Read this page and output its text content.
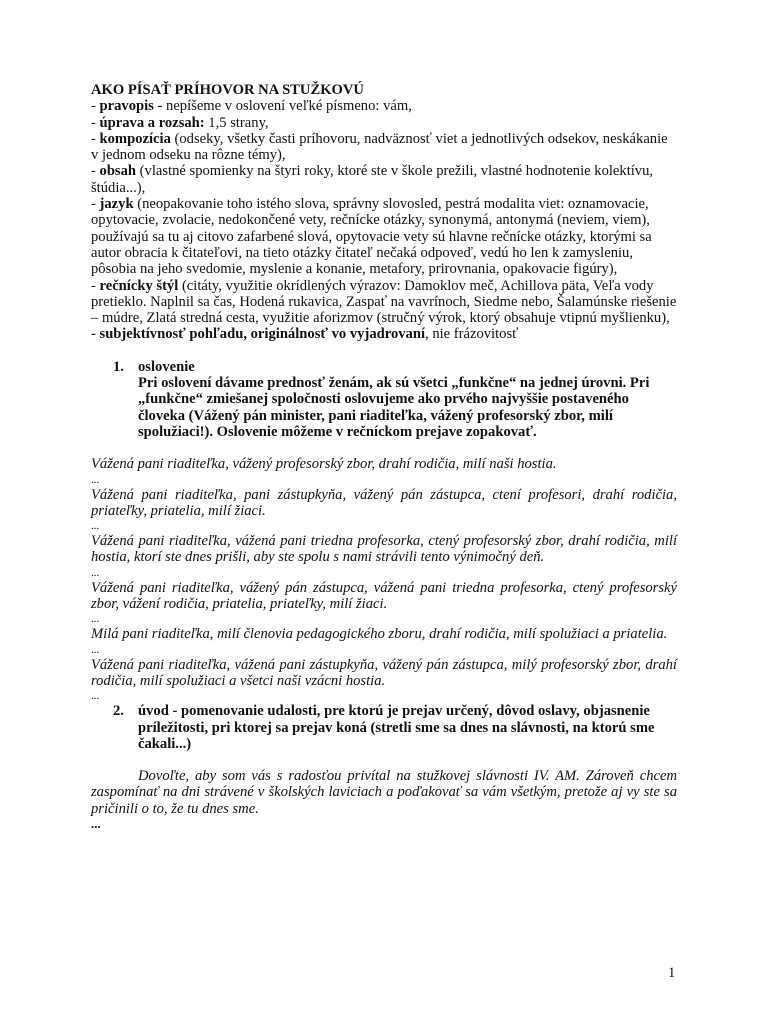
AKO PÍSAŤ PRÍHOVOR NA STUŽKOVÚ

- pravopis - nepíšeme v oslovení veľké písmeno: vám,

- úprava a rozsah: 1,5 strany,

- kompozícia (odseky, všetky časti príhovoru, nadväznosť viet a jednotlivých odsekov, neskákanie v jednom odseku na rôzne témy),

- obsah (vlastné spomienky na štyri roky, ktoré ste v škole prežili, vlastné hodnotenie kolektívu, štúdia...),

- jazyk (neopakovanie toho istého slova, správny slovosled, pestrá modalita viet: oznamovacie, opytovacie, zvolacie, nedokončené vety, rečnícke otázky, synonymá, antonymá (neviem, viem), používajú sa tu aj citovo zafarbené slová, opytovacie vety sú hlavne rečnícke otázky, ktorými sa autor obracia k čitateľovi, na tieto otázky čitateľ nečaká odpoveď, vedú ho len k zamysleniu, pôsobia na jeho svedomie, myslenie a konanie, metafory, prirovnania, opakovacie figúry),

- rečnícky štýl (citáty, využitie okrídlených výrazov: Damoklov meč, Achillova päta, Veľa vody pretieklo. Naplnil sa čas, Hodená rukavica, Zaspať na vavrínoch, Siedme nebo, Šalamúnske riešenie – múdre, Zlatá stredná cesta, využitie aforizmov (stručný výrok, ktorý obsahuje vtipnú myšlienku),

- subjektívnosť pohľadu, originálnosť vo vyjadrovaní, nie frázovitosť

1. oslovenie
Pri oslovení dávame prednosť ženám, ak sú všetci „funkčne“ na jednej úrovni. Pri „funkčne“ zmiešanej spoločnosti oslovujeme ako prvého najvyššie postaveného človeka (Vážený pán minister, pani riaditeľka, vážený profesorský zbor, milí spolužiaci!). Oslovenie môžeme v rečníckom prejave zopakovať.

Vážená pani riaditeľka, vážený profesorský zbor, drahí rodičia, milí naši hostia.

...

Vážená pani riaditeľka, pani zástupkyňa, vážený pán zástupca, ctení profesori, drahí rodičia, priateľky, priatelia, milí žiaci.

...

Vážená pani riaditeľka, vážená pani triedna profesorka, ctený profesorský zbor, drahí rodičia, milí hostia, ktorí ste dnes prišli, aby ste spolu s nami strávili tento výnimočný deň.

...

Vážená pani riaditeľka, vážený pán zástupca, vážená pani triedna profesorka, ctený profesorský zbor, vážení rodičia, priatelia, priateľky, milí žiaci.

...

Milá pani riaditeľka, milí členovia pedagogického zboru, drahí rodičia, milí spolužiaci a priatelia.

...

Vážená pani riaditeľka, vážená pani zástupkyňa, vážený pán zástupca, milý profesorský zbor, drahí rodičia, milí spolužiaci a všetci naši vzácni hostia.

...

2. úvod - pomenovanie udalosti, pre ktorú je prejav určený, dôvod oslavy, objasnenie príležitosti, pri ktorej sa prejav koná (stretli sme sa dnes na slávnosti, na ktorú sme čakali...)

Dovoľte, aby som vás s radosťou privítal na stužkovej slávnosti IV. AM. Zároveň chcem zaspomínať na dni strávené v školských laviciach a poďakovať sa vám všetkým, pretože aj vy ste sa pričinili o to, že tu dnes sme.

...

1
